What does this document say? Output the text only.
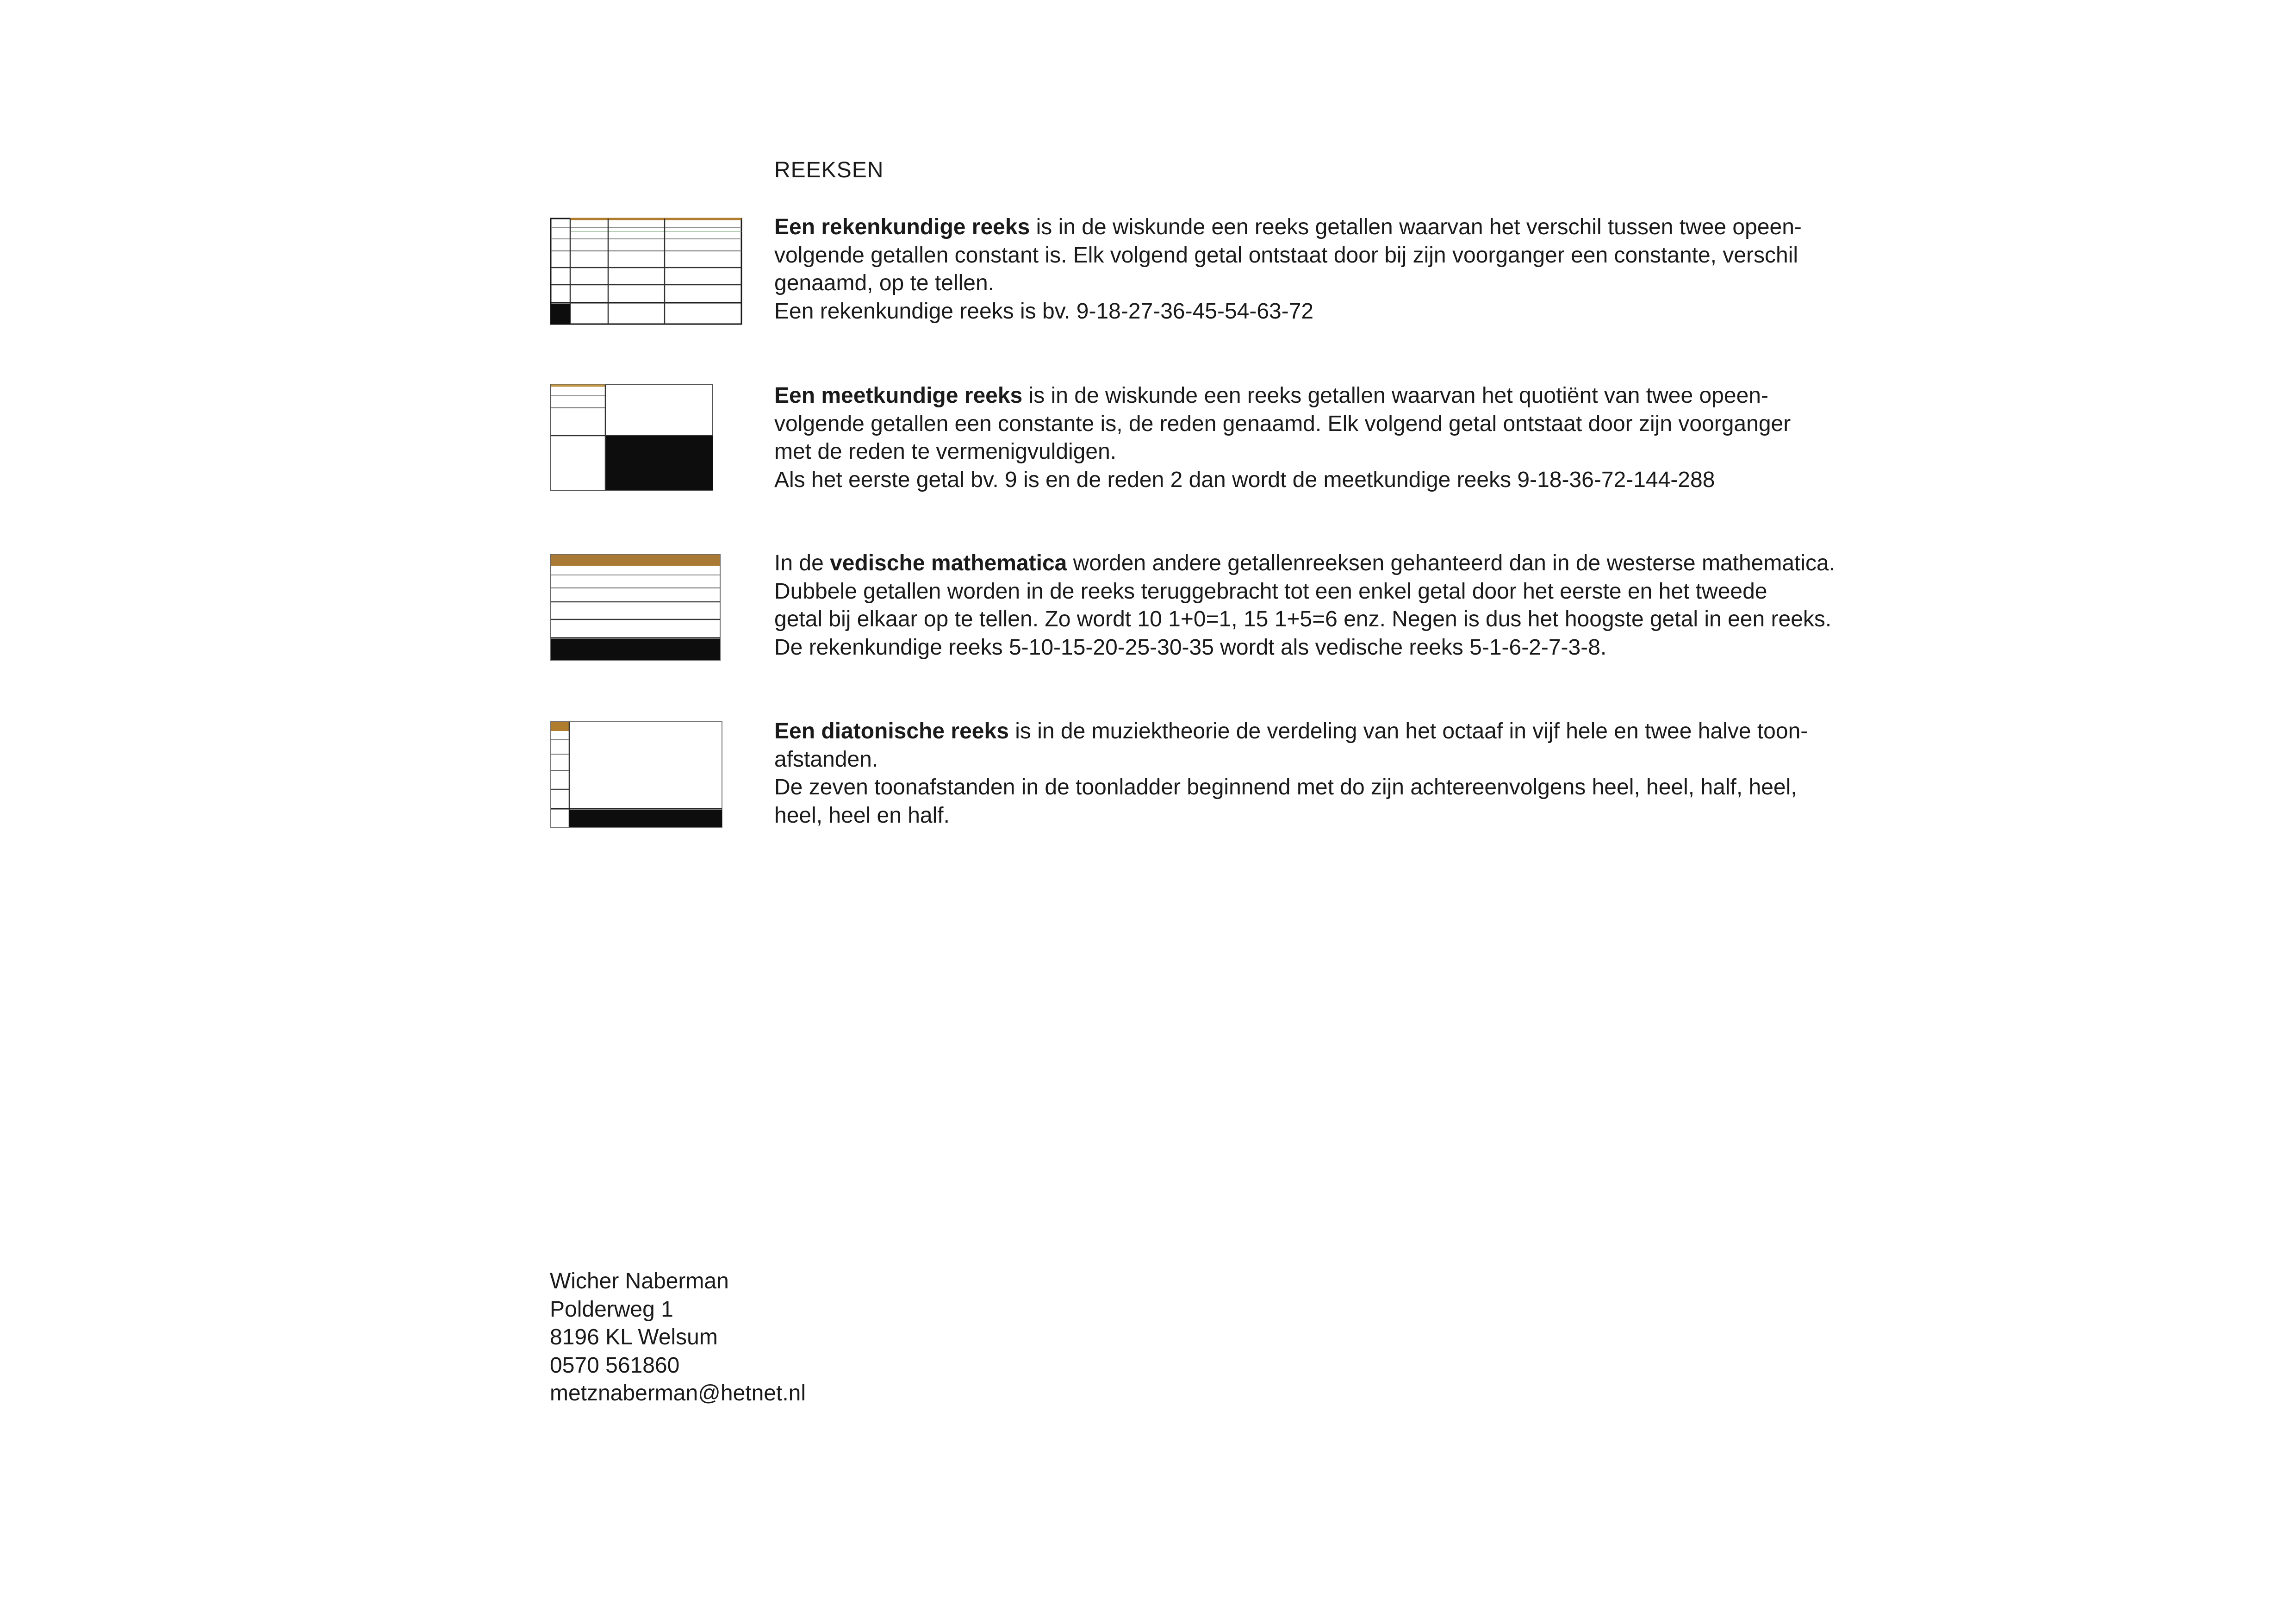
REEKSEN
Een rekenkundige reeks is in de wiskunde een reeks getallen waarvan het verschil tussen twee opeen-
volgende getallen constant is. Elk volgend getal ontstaat door bij zijn voorganger een constante, verschil
genaamd, op te tellen.
Een rekenkundige reeks is bv. 9-18-27-36-45-54-63-72
Een meetkundige reeks is in de wiskunde een reeks getallen waarvan het quotiënt van twee opeen-
volgende getallen een constante is, de reden genaamd. Elk volgend getal ontstaat door zijn voorganger
met de reden te vermenigvuldigen.
Als het eerste getal bv. 9 is en de reden 2 dan wordt de meetkundige reeks 9-18-36-72-144-288
In de vedische mathematica worden andere getallenreeksen gehanteerd dan in de westerse mathematica.
Dubbele getallen worden in de reeks teruggebracht tot een enkel getal door het eerste en het tweede
getal bij elkaar op te tellen. Zo wordt 10 1+0=1, 15 1+5=6 enz. Negen is dus het hoogste getal in een reeks.
De rekenkundige reeks 5-10-15-20-25-30-35 wordt als vedische reeks 5-1-6-2-7-3-8.
Een diatonische reeks is in de muziektheorie de verdeling van het octaaf in vijf hele en twee halve toon-
afstanden.
De zeven toonafstanden in de toonladder beginnend met do zijn achtereenvolgens heel, heel, half, heel,
heel, heel en half.
Wicher Naberman
Polderweg 1
8196 KL Welsum
0570 561860
metznaberman@hetnet.nl
